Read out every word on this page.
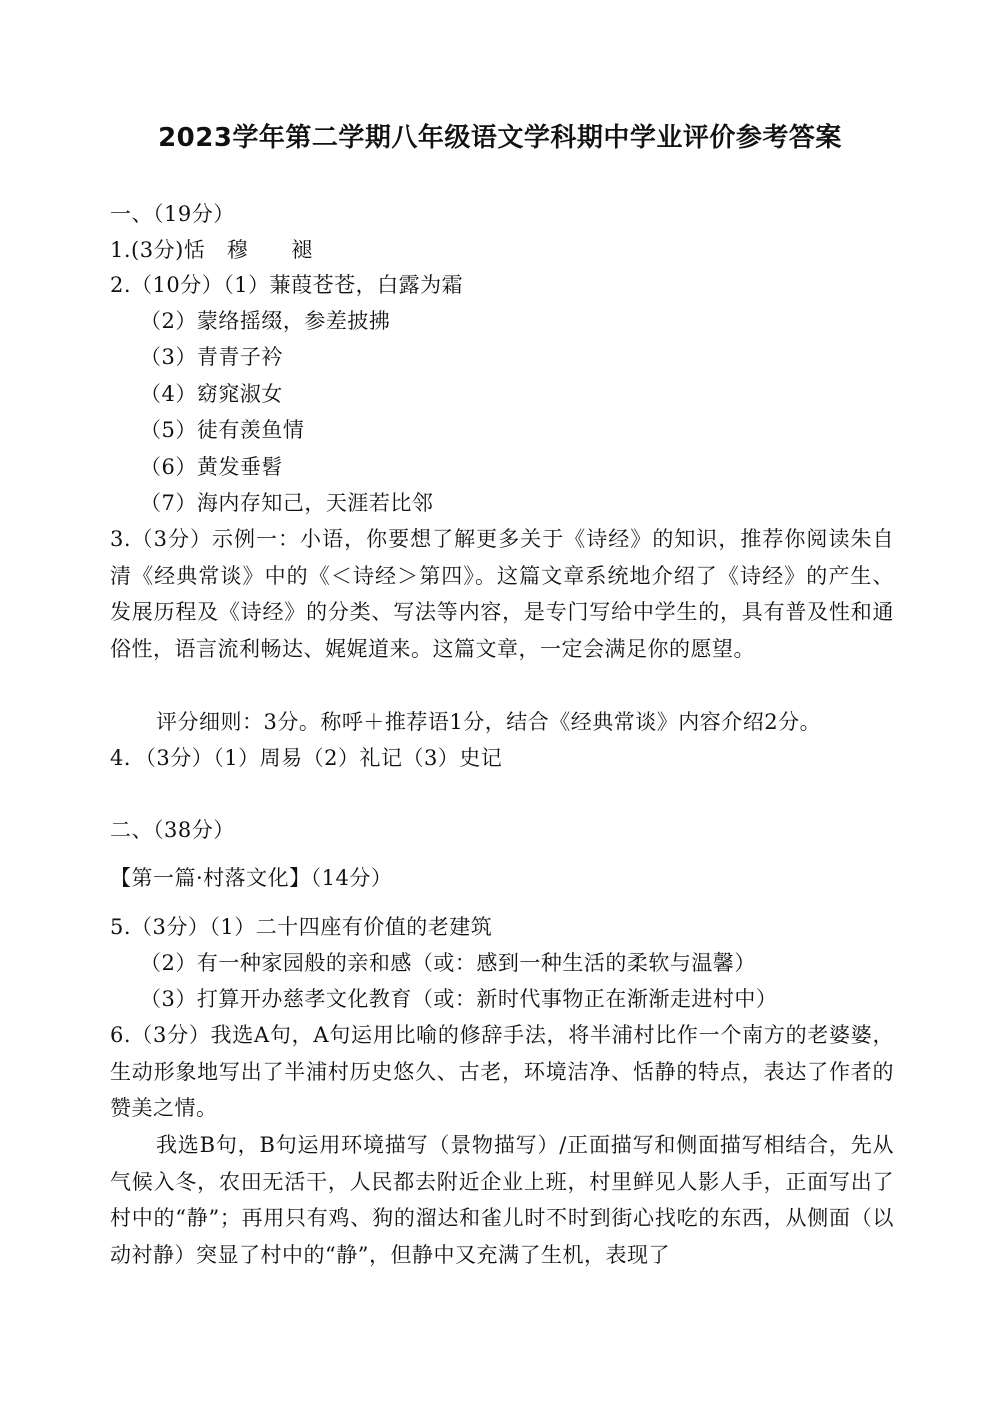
2023学年第二学期八年级语文学科期中学业评价参考答案
一、（19分）
1.(3分)恬　穆　　褪
2.（10分）（1）蒹葭苍苍，白露为霜
（2）蒙络摇缀，参差披拂
（3）青青子衿
（4）窈窕淑女
（5）徒有羡鱼情
（6）黄发垂髫
（7）海内存知己，天涯若比邻
3.（3分）示例一：小语，你要想了解更多关于《诗经》的知识，推荐你阅读朱自清《经典常谈》中的《＜诗经＞第四》。这篇文章系统地介绍了《诗经》的产生、发展历程及《诗经》的分类、写法等内容，是专门写给中学生的，具有普及性和通俗性，语言流利畅达、娓娓道来。这篇文章，一定会满足你的愿望。
评分细则：3分。称呼＋推荐语1分，结合《经典常谈》内容介绍2分。
4．（3分）（1）周易（2）礼记（3）史记
二、（38分）
【第一篇·村落文化】（14分）
5.（3分）（1）二十四座有价值的老建筑
（2）有一种家园般的亲和感（或：感到一种生活的柔软与温馨）
（3）打算开办慈孝文化教育（或：新时代事物正在渐渐走进村中）
6.（3分）我选A句，A句运用比喻的修辞手法，将半浦村比作一个南方的老婆婆，生动形象地写出了半浦村历史悠久、古老，环境洁净、恬静的特点，表达了作者的赞美之情。
我选B句，B句运用环境描写（景物描写）/正面描写和侧面描写相结合，先从气候入冬，农田无活干，人民都去附近企业上班，村里鲜见人影人手，正面写出了村中的“静”；再用只有鸡、狗的溜达和雀儿时不时到街心找吃的东西，从侧面（以动衬静）突显了村中的“静”，但静中又充满了生机，表现了
